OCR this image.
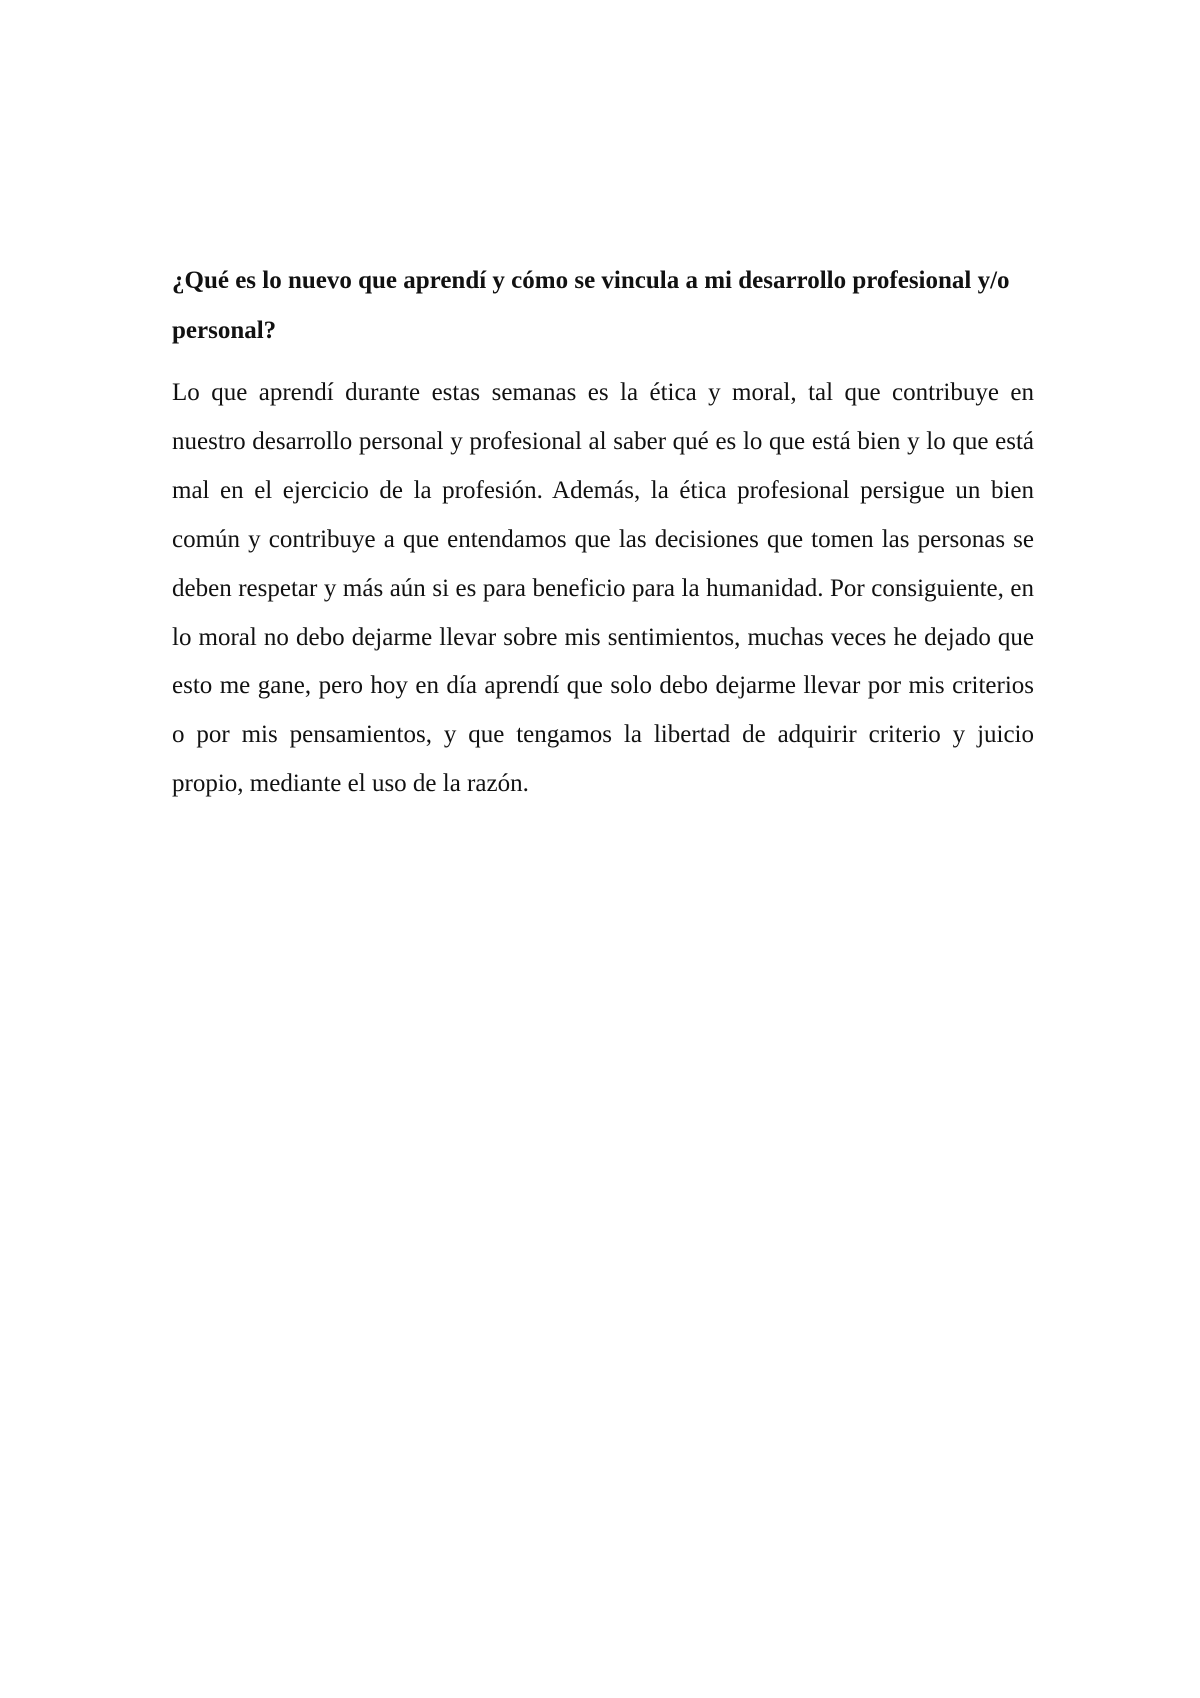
¿Qué es lo nuevo que aprendí y cómo se vincula a mi desarrollo profesional y/o personal?

Lo que aprendí durante estas semanas es la ética y moral, tal que contribuye en nuestro desarrollo personal y profesional al saber qué es lo que está bien y lo que está mal en el ejercicio de la profesión. Además, la ética profesional persigue un bien común y contribuye a que entendamos que las decisiones que tomen las personas se deben respetar y más aún si es para beneficio para la humanidad. Por consiguiente, en lo moral no debo dejarme llevar sobre mis sentimientos, muchas veces he dejado que esto me gane, pero hoy en día aprendí que solo debo dejarme llevar por mis criterios o por mis pensamientos, y que tengamos la libertad de adquirir criterio y juicio propio, mediante el uso de la razón.
